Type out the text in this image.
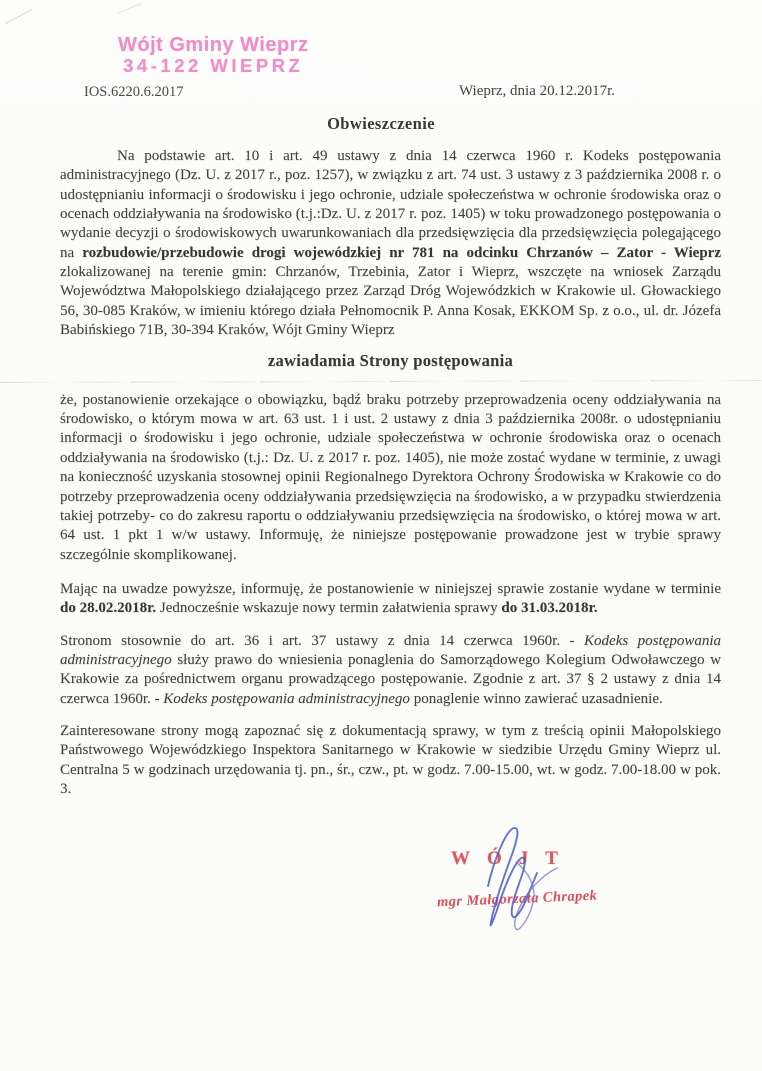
Wójt Gminy Wieprz
34-122 WIEPRZ
IOS.6220.6.2017	Wieprz, dnia 20.12.2017r.
Obwieszczenie

Na podstawie art. 10 i art. 49 ustawy z dnia 14 czerwca 1960 r. Kodeks postępowania administracyjnego (Dz. U. z 2017 r., poz. 1257), w związku z art. 74 ust. 3 ustawy z 3 października 2008 r. o udostępnianiu informacji o środowisku i jego ochronie, udziale społeczeństwa w ochronie środowiska oraz o ocenach oddziaływania na środowisko (t.j.:Dz. U. z 2017 r. poz. 1405) w toku prowadzonego postępowania o wydanie decyzji o środowiskowych uwarunkowaniach dla przedsięwzięcia dla przedsięwzięcia polegającego na rozbudowie/przebudowie drogi wojewódzkiej nr 781 na odcinku Chrzanów – Zator - Wieprz zlokalizowanej na terenie gmin: Chrzanów, Trzebinia, Zator i Wieprz, wszczęte na wniosek Zarządu Województwa Małopolskiego działającego przez Zarząd Dróg Wojewódzkich w Krakowie ul. Głowackiego 56, 30-085 Kraków, w imieniu którego działa Pełnomocnik P. Anna Kosak, EKKOM Sp. z o.o., ul. dr. Józefa Babińskiego 71B, 30-394 Kraków, Wójt Gminy Wieprz

zawiadamia Strony postępowania

że, postanowienie orzekające o obowiązku, bądź braku potrzeby przeprowadzenia oceny oddziaływania na środowisko, o którym mowa w art. 63 ust. 1 i ust. 2 ustawy z dnia 3 października 2008r. o udostępnianiu informacji o środowisku i jego ochronie, udziale społeczeństwa w ochronie środowiska oraz o ocenach oddziaływania na środowisko (t.j.: Dz. U. z 2017 r. poz. 1405), nie może zostać wydane w terminie, z uwagi na konieczność uzyskania stosownej opinii Regionalnego Dyrektora Ochrony Środowiska w Krakowie co do potrzeby przeprowadzenia oceny oddziaływania przedsięwzięcia na środowisko, a w przypadku stwierdzenia takiej potrzeby- co do zakresu raportu o oddziaływaniu przedsięwzięcia na środowisko, o której mowa w art. 64 ust. 1 pkt 1 w/w ustawy. Informuję, że niniejsze postępowanie prowadzone jest w trybie sprawy szczególnie skomplikowanej.

Mając na uwadze powyższe, informuję, że postanowienie w niniejszej sprawie zostanie wydane w terminie do 28.02.2018r. Jednocześnie wskazuje nowy termin załatwienia sprawy do 31.03.2018r.

Stronom stosownie do art. 36 i art. 37 ustawy z dnia 14 czerwca 1960r. - Kodeks postępowania administracyjnego służy prawo do wniesienia ponaglenia do Samorządowego Kolegium Odwoławczego w Krakowie za pośrednictwem organu prowadzącego postępowanie. Zgodnie z art. 37 § 2 ustawy z dnia 14 czerwca 1960r. - Kodeks postępowania administracyjnego ponaglenie winno zawierać uzasadnienie.

Zainteresowane strony mogą zapoznać się z dokumentacją sprawy, w tym z treścią opinii Małopolskiego Państwowego Wojewódzkiego Inspektora Sanitarnego w Krakowie w siedzibie Urzędu Gminy Wieprz ul. Centralna 5 w godzinach urzędowania tj. pn., śr., czw., pt. w godz. 7.00-15.00, wt. w godz. 7.00-18.00 w pok. 3.

WÓJT
mgr Małgorzata Chrapek
